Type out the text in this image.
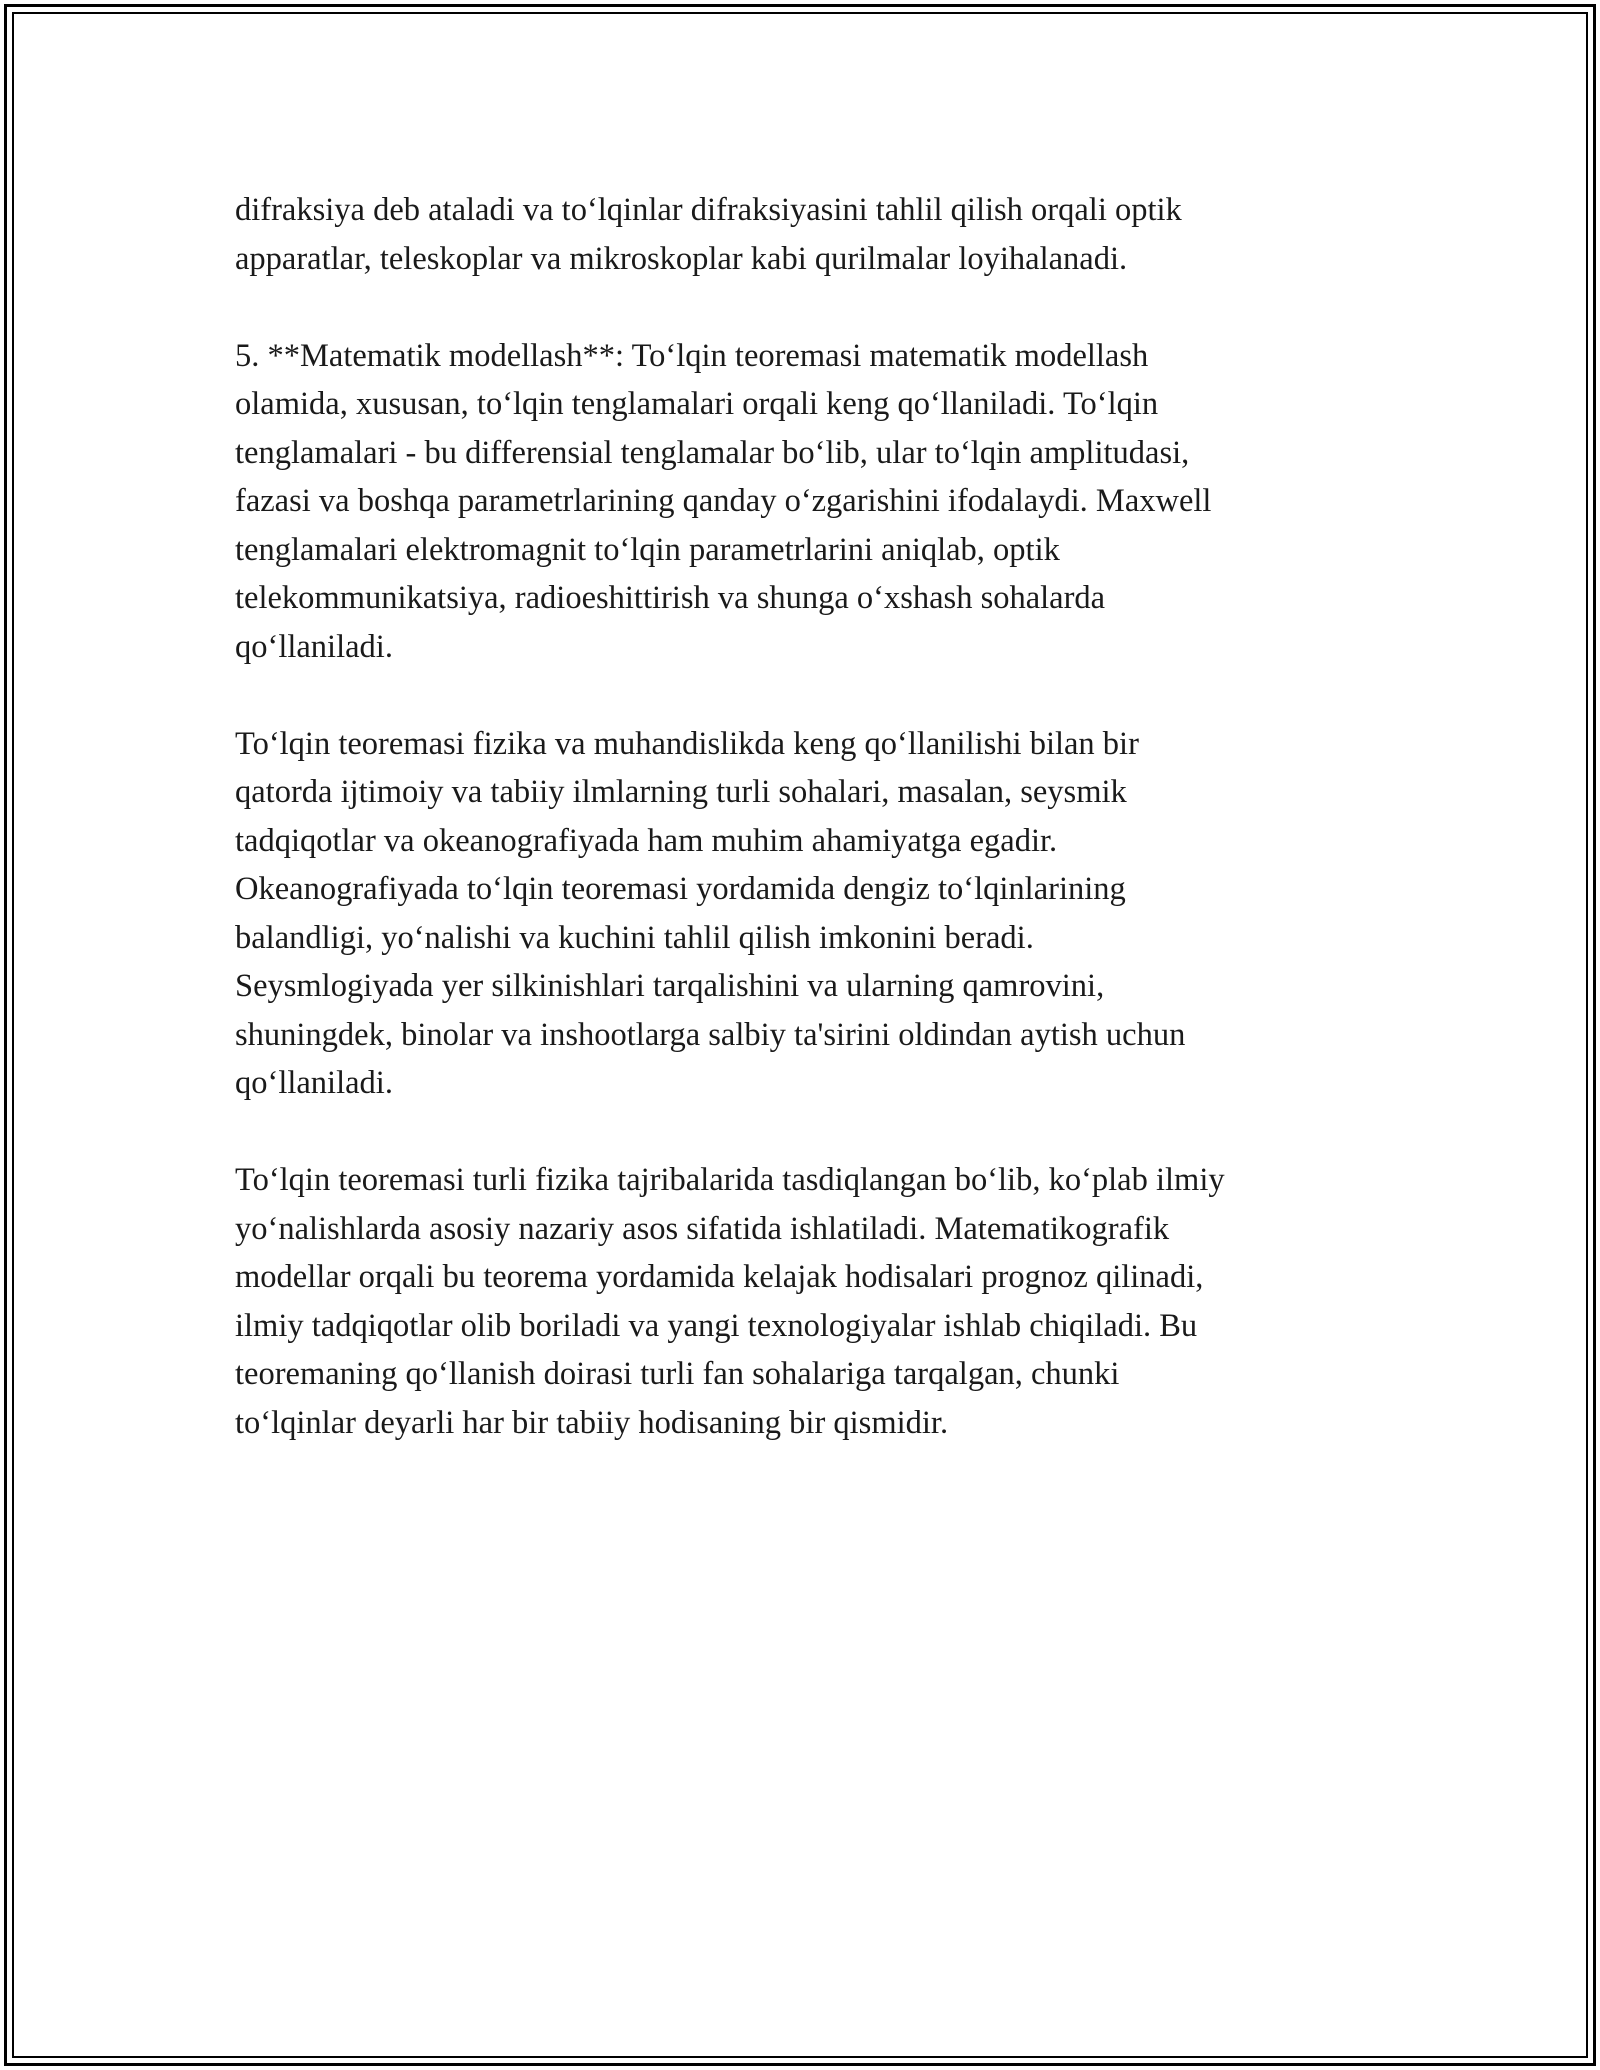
difraksiya deb ataladi va to‘lqinlar difraksiyasini tahlil qilish orqali optik
apparatlar, teleskoplar va mikroskoplar kabi qurilmalar loyihalanadi.

5. **Matematik modellash**: To‘lqin teoremasi matematik modellash
olamida, xususan, to‘lqin tenglamalari orqali keng qo‘llaniladi. To‘lqin
tenglamalari - bu differensial tenglamalar bo‘lib, ular to‘lqin amplitudasi,
fazasi va boshqa parametrlarining qanday o‘zgarishini ifodalaydi. Maxwell
tenglamalari elektromagnit to‘lqin parametrlarini aniqlab, optik
telekommunikatsiya, radioeshittirish va shunga o‘xshash sohalarda
qo‘llaniladi.

To‘lqin teoremasi fizika va muhandislikda keng qo‘llanilishi bilan bir
qatorda ijtimoiy va tabiiy ilmlarning turli sohalari, masalan, seysmik
tadqiqotlar va okeanografiyada ham muhim ahamiyatga egadir.
Okeanografiyada to‘lqin teoremasi yordamida dengiz to‘lqinlarining
balandligi, yo‘nalishi va kuchini tahlil qilish imkonini beradi.
Seysmlogiyada yer silkinishlari tarqalishini va ularning qamrovini,
shuningdek, binolar va inshootlarga salbiy ta'sirini oldindan aytish uchun
qo‘llaniladi.

To‘lqin teoremasi turli fizika tajribalarida tasdiqlangan bo‘lib, ko‘plab ilmiy
yo‘nalishlarda asosiy nazariy asos sifatida ishlatiladi. Matematikografik
modellar orqali bu teorema yordamida kelajak hodisalari prognoz qilinadi,
ilmiy tadqiqotlar olib boriladi va yangi texnologiyalar ishlab chiqiladi. Bu
teoremaning qo‘llanish doirasi turli fan sohalariga tarqalgan, chunki
to‘lqinlar deyarli har bir tabiiy hodisaning bir qismidir.
